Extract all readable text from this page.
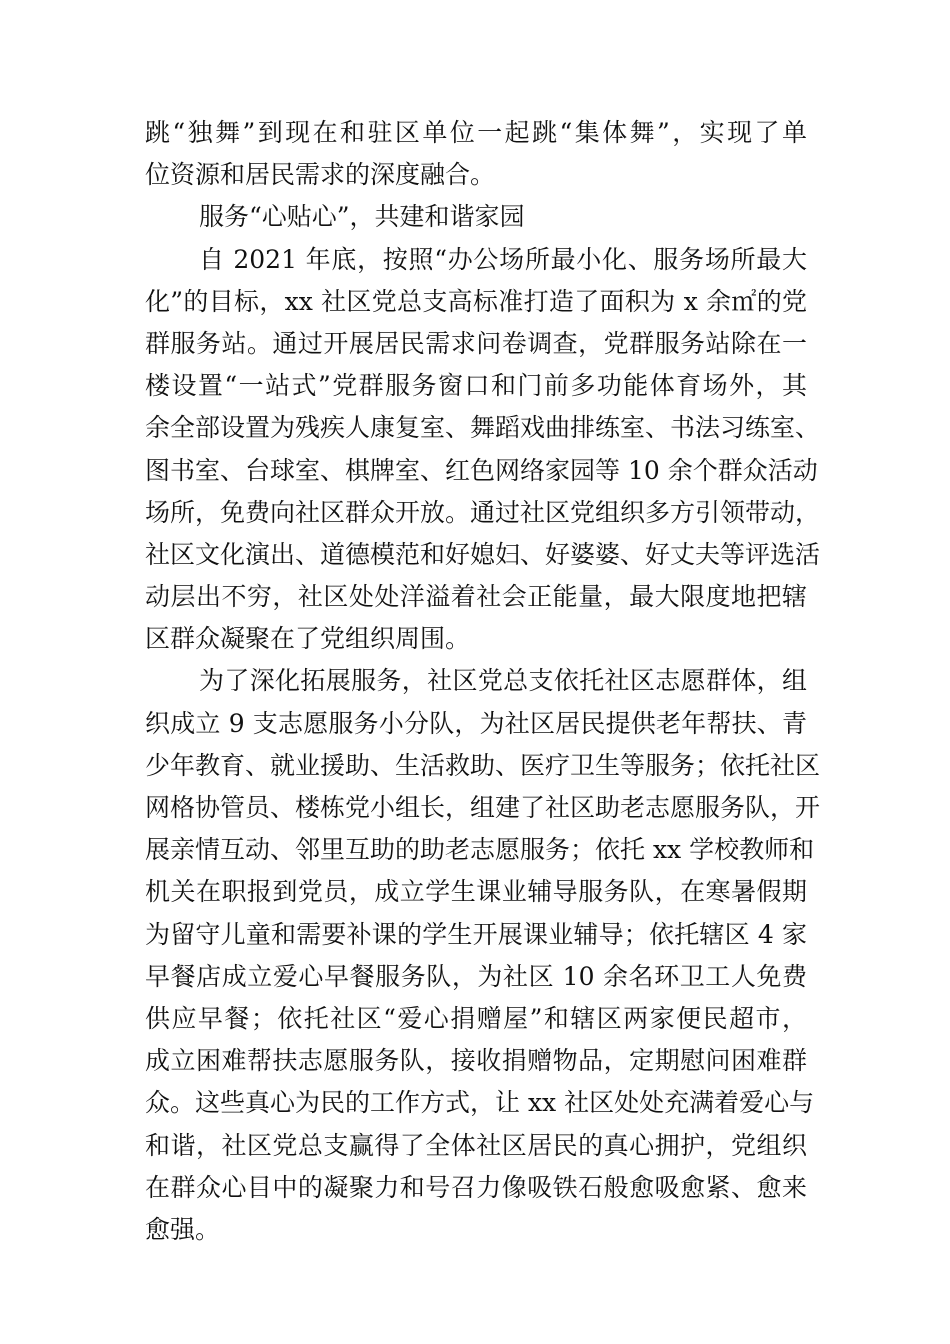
跳“独舞”到现在和驻区单位一起跳“集体舞”，实现了单
位资源和居民需求的深度融合。
服务“心贴心”，共建和谐家园
自 2021 年底，按照“办公场所最小化、服务场所最大
化”的目标，xx 社区党总支高标准打造了面积为 x 余㎡的党
群服务站。通过开展居民需求问卷调查，党群服务站除在一
楼设置“一站式”党群服务窗口和门前多功能体育场外，其
余全部设置为残疾人康复室、舞蹈戏曲排练室、书法习练室、
图书室、台球室、棋牌室、红色网络家园等 10 余个群众活动
场所，免费向社区群众开放。通过社区党组织多方引领带动，
社区文化演出、道德模范和好媳妇、好婆婆、好丈夫等评选活
动层出不穷，社区处处洋溢着社会正能量，最大限度地把辖
区群众凝聚在了党组织周围。
为了深化拓展服务，社区党总支依托社区志愿群体，组
织成立 9 支志愿服务小分队，为社区居民提供老年帮扶、青
少年教育、就业援助、生活救助、医疗卫生等服务；依托社区
网格协管员、楼栋党小组长，组建了社区助老志愿服务队，开
展亲情互动、邻里互助的助老志愿服务；依托 xx 学校教师和
机关在职报到党员，成立学生课业辅导服务队，在寒暑假期
为留守儿童和需要补课的学生开展课业辅导；依托辖区 4 家
早餐店成立爱心早餐服务队，为社区 10 余名环卫工人免费
供应早餐；依托社区“爱心捐赠屋”和辖区两家便民超市，
成立困难帮扶志愿服务队，接收捐赠物品，定期慰问困难群
众。这些真心为民的工作方式，让 xx 社区处处充满着爱心与
和谐，社区党总支赢得了全体社区居民的真心拥护，党组织
在群众心目中的凝聚力和号召力像吸铁石般愈吸愈紧、愈来
愈强。
